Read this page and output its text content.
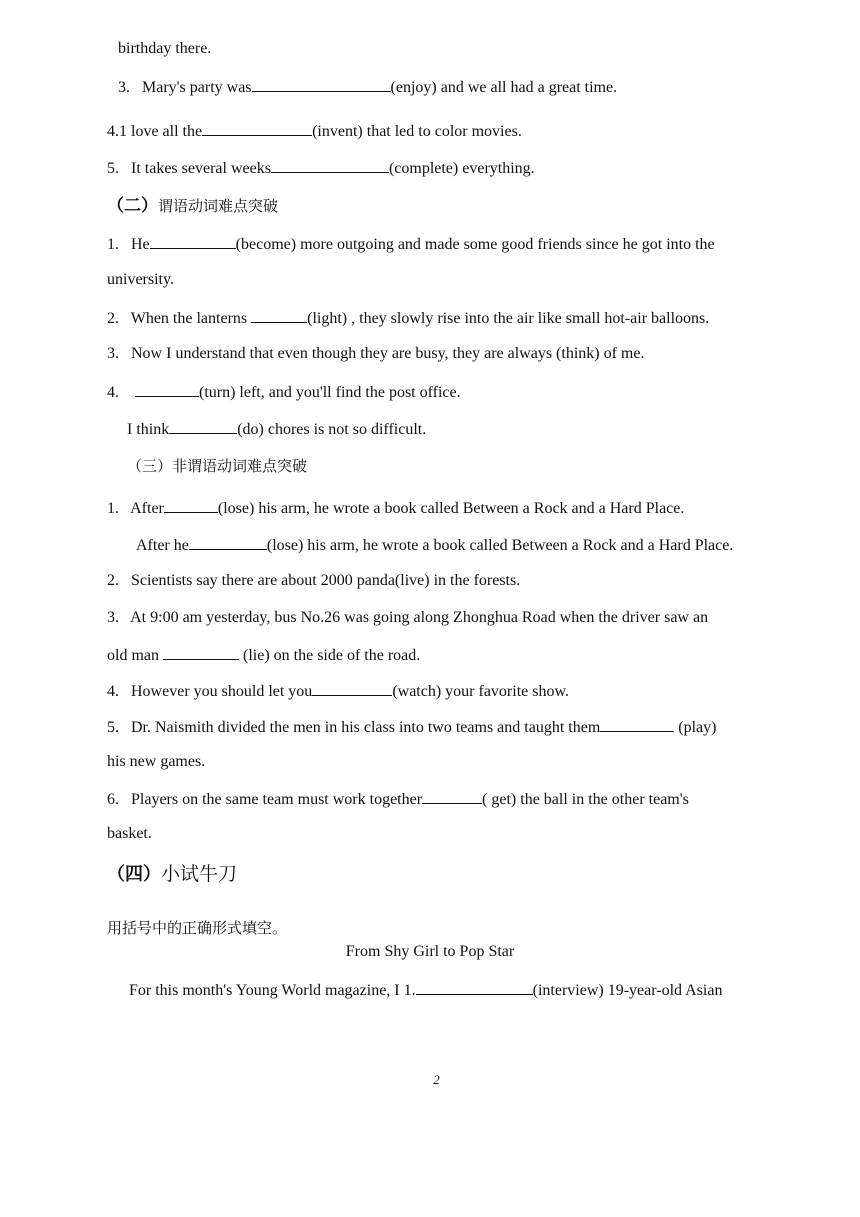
birthday there.
3. Mary's party was	(enjoy) and we all had a great time.
4.1 love all the	(invent) that led to color movies.
5. It takes several weeks	(complete) everything.
（二）谓语动词难点突破
1. He	(become) more outgoing and made some good friends since he got into the
university.
2. When the lanterns	(light) , they slowly rise into the air like small hot-air balloons.
3. Now I understand that even though they are busy, they are always (think) of me.
4.	(turn) left, and you'll find the post office.
I think	(do) chores is not so difficult.
（三）非谓语动词难点突破
1. After	(lose) his arm, he wrote a book called Between a Rock and a Hard Place.
After he	(lose) his arm, he wrote a book called Between a Rock and a Hard Place.
2. Scientists say there are about 2000 panda(live) in the forests.
3. At 9:00 am yesterday, bus No.26 was going along Zhonghua Road when the driver saw an
old man	(lie) on the side of the road.
4. However you should let you	(watch) your favorite show.
5. Dr. Naismith divided the men in his class into two teams and taught them	(play)
his new games.
6. Players on the same team must work together	( get) the ball in the other team's
basket.
（四）小试牛刀
用括号中的正确形式填空。
From Shy Girl to Pop Star
For this month's Young World magazine, I 1.	(interview) 19-year-old Asian
2
